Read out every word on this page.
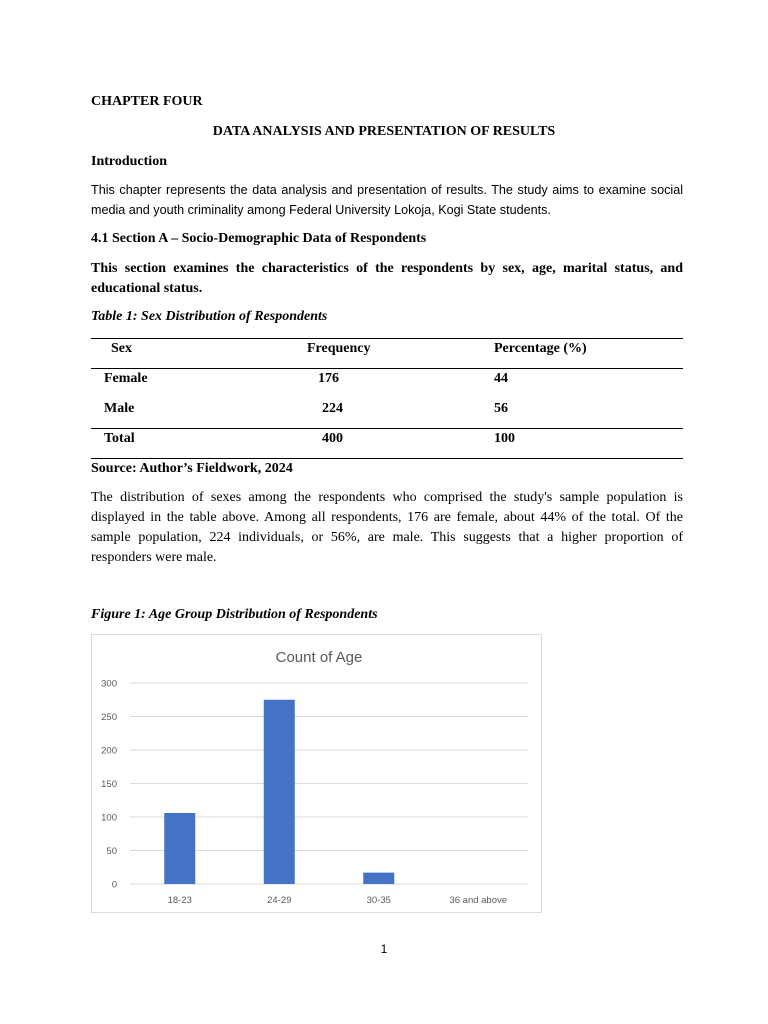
CHAPTER FOUR
DATA ANALYSIS AND PRESENTATION OF RESULTS
Introduction
This chapter represents the data analysis and presentation of results. The study aims to examine social media and youth criminality among Federal University Lokoja, Kogi State students.
4.1 Section A – Socio-Demographic Data of Respondents
This section examines the characteristics of the respondents by sex, age, marital status, and educational status.
Table 1: Sex Distribution of Respondents
Sex	Frequency	Percentage (%)
Female	176	44
Male	224	56
Total	400	100
Source: Author’s Fieldwork, 2024
The distribution of sexes among the respondents who comprised the study's sample population is displayed in the table above. Among all respondents, 176 are female, about 44% of the total. Of the sample population, 224 individuals, or 56%, are male. This suggests that a higher proportion of responders were male.
Figure 1: Age Group Distribution of Respondents
Count of Age
0
50
100
150
200
250
300
18-23	24-29	30-35	36 and above
1
